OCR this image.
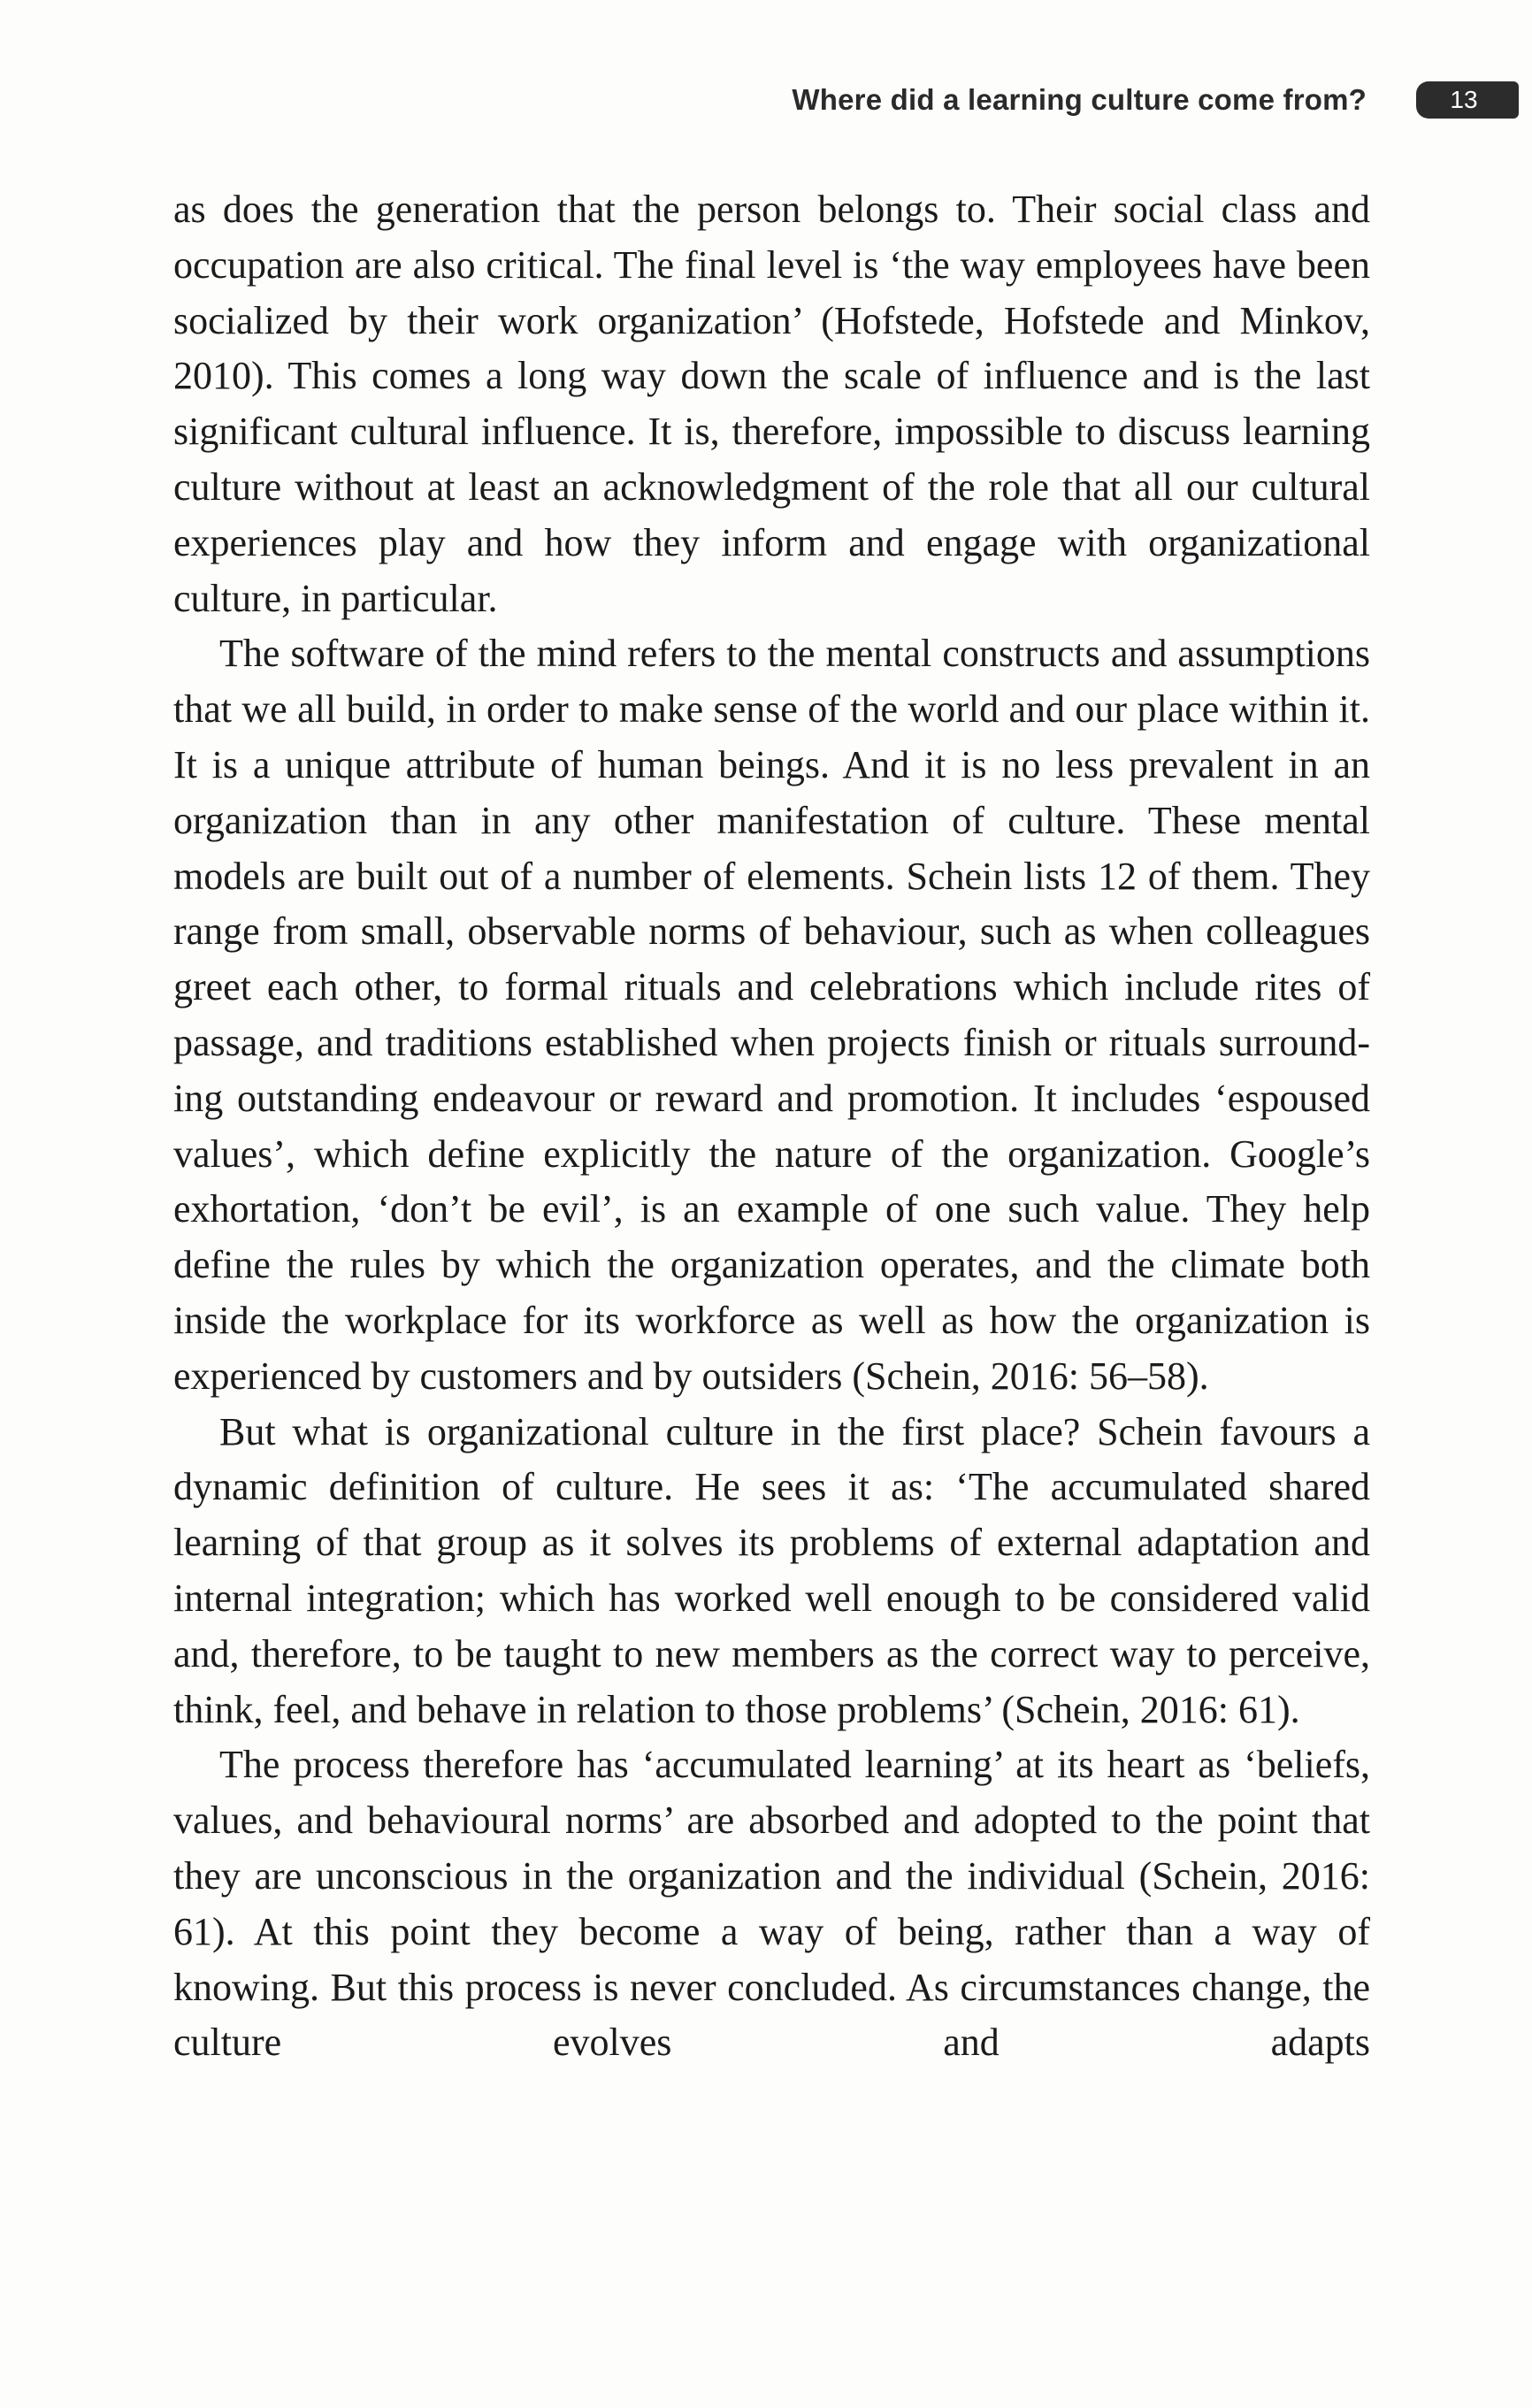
Where did a learning culture come from?	13

as does the generation that the person belongs to. Their social class and occupation are also critical. The final level is ‘the way employees have been socialized by their work organization’ (Hofstede, Hofstede and Minkov, 2010). This comes a long way down the scale of influence and is the last significant cultural influence. It is, therefore, impossible to discuss learning culture without at least an acknowledgment of the role that all our cultural experiences play and how they inform and engage with organizational culture, in particular.

The software of the mind refers to the mental constructs and assumptions that we all build, in order to make sense of the world and our place within it. It is a unique attribute of human beings. And it is no less prevalent in an organization than in any other manifestation of culture. These mental models are built out of a number of elements. Schein lists 12 of them. They range from small, observable norms of behaviour, such as when colleagues greet each other, to formal rituals and celebrations which include rites of passage, and traditions established when projects finish or rituals surrounding outstanding endeavour or reward and promotion. It includes ‘espoused values’, which define explicitly the nature of the organization. Google’s exhortation, ‘don’t be evil’, is an example of one such value. They help define the rules by which the organization operates, and the climate both inside the workplace for its workforce as well as how the organization is experienced by customers and by outsiders (Schein, 2016: 56–58).

But what is organizational culture in the first place? Schein favours a dynamic definition of culture. He sees it as: ‘The accumulated shared learning of that group as it solves its problems of external adaptation and internal integration; which has worked well enough to be considered valid and, therefore, to be taught to new members as the correct way to perceive, think, feel, and behave in relation to those problems’ (Schein, 2016: 61).

The process therefore has ‘accumulated learning’ at its heart as ‘beliefs, values, and behavioural norms’ are absorbed and adopted to the point that they are unconscious in the organization and the individual (Schein, 2016: 61). At this point they become a way of being, rather than a way of knowing. But this process is never concluded. As circumstances change, the culture evolves and adapts
